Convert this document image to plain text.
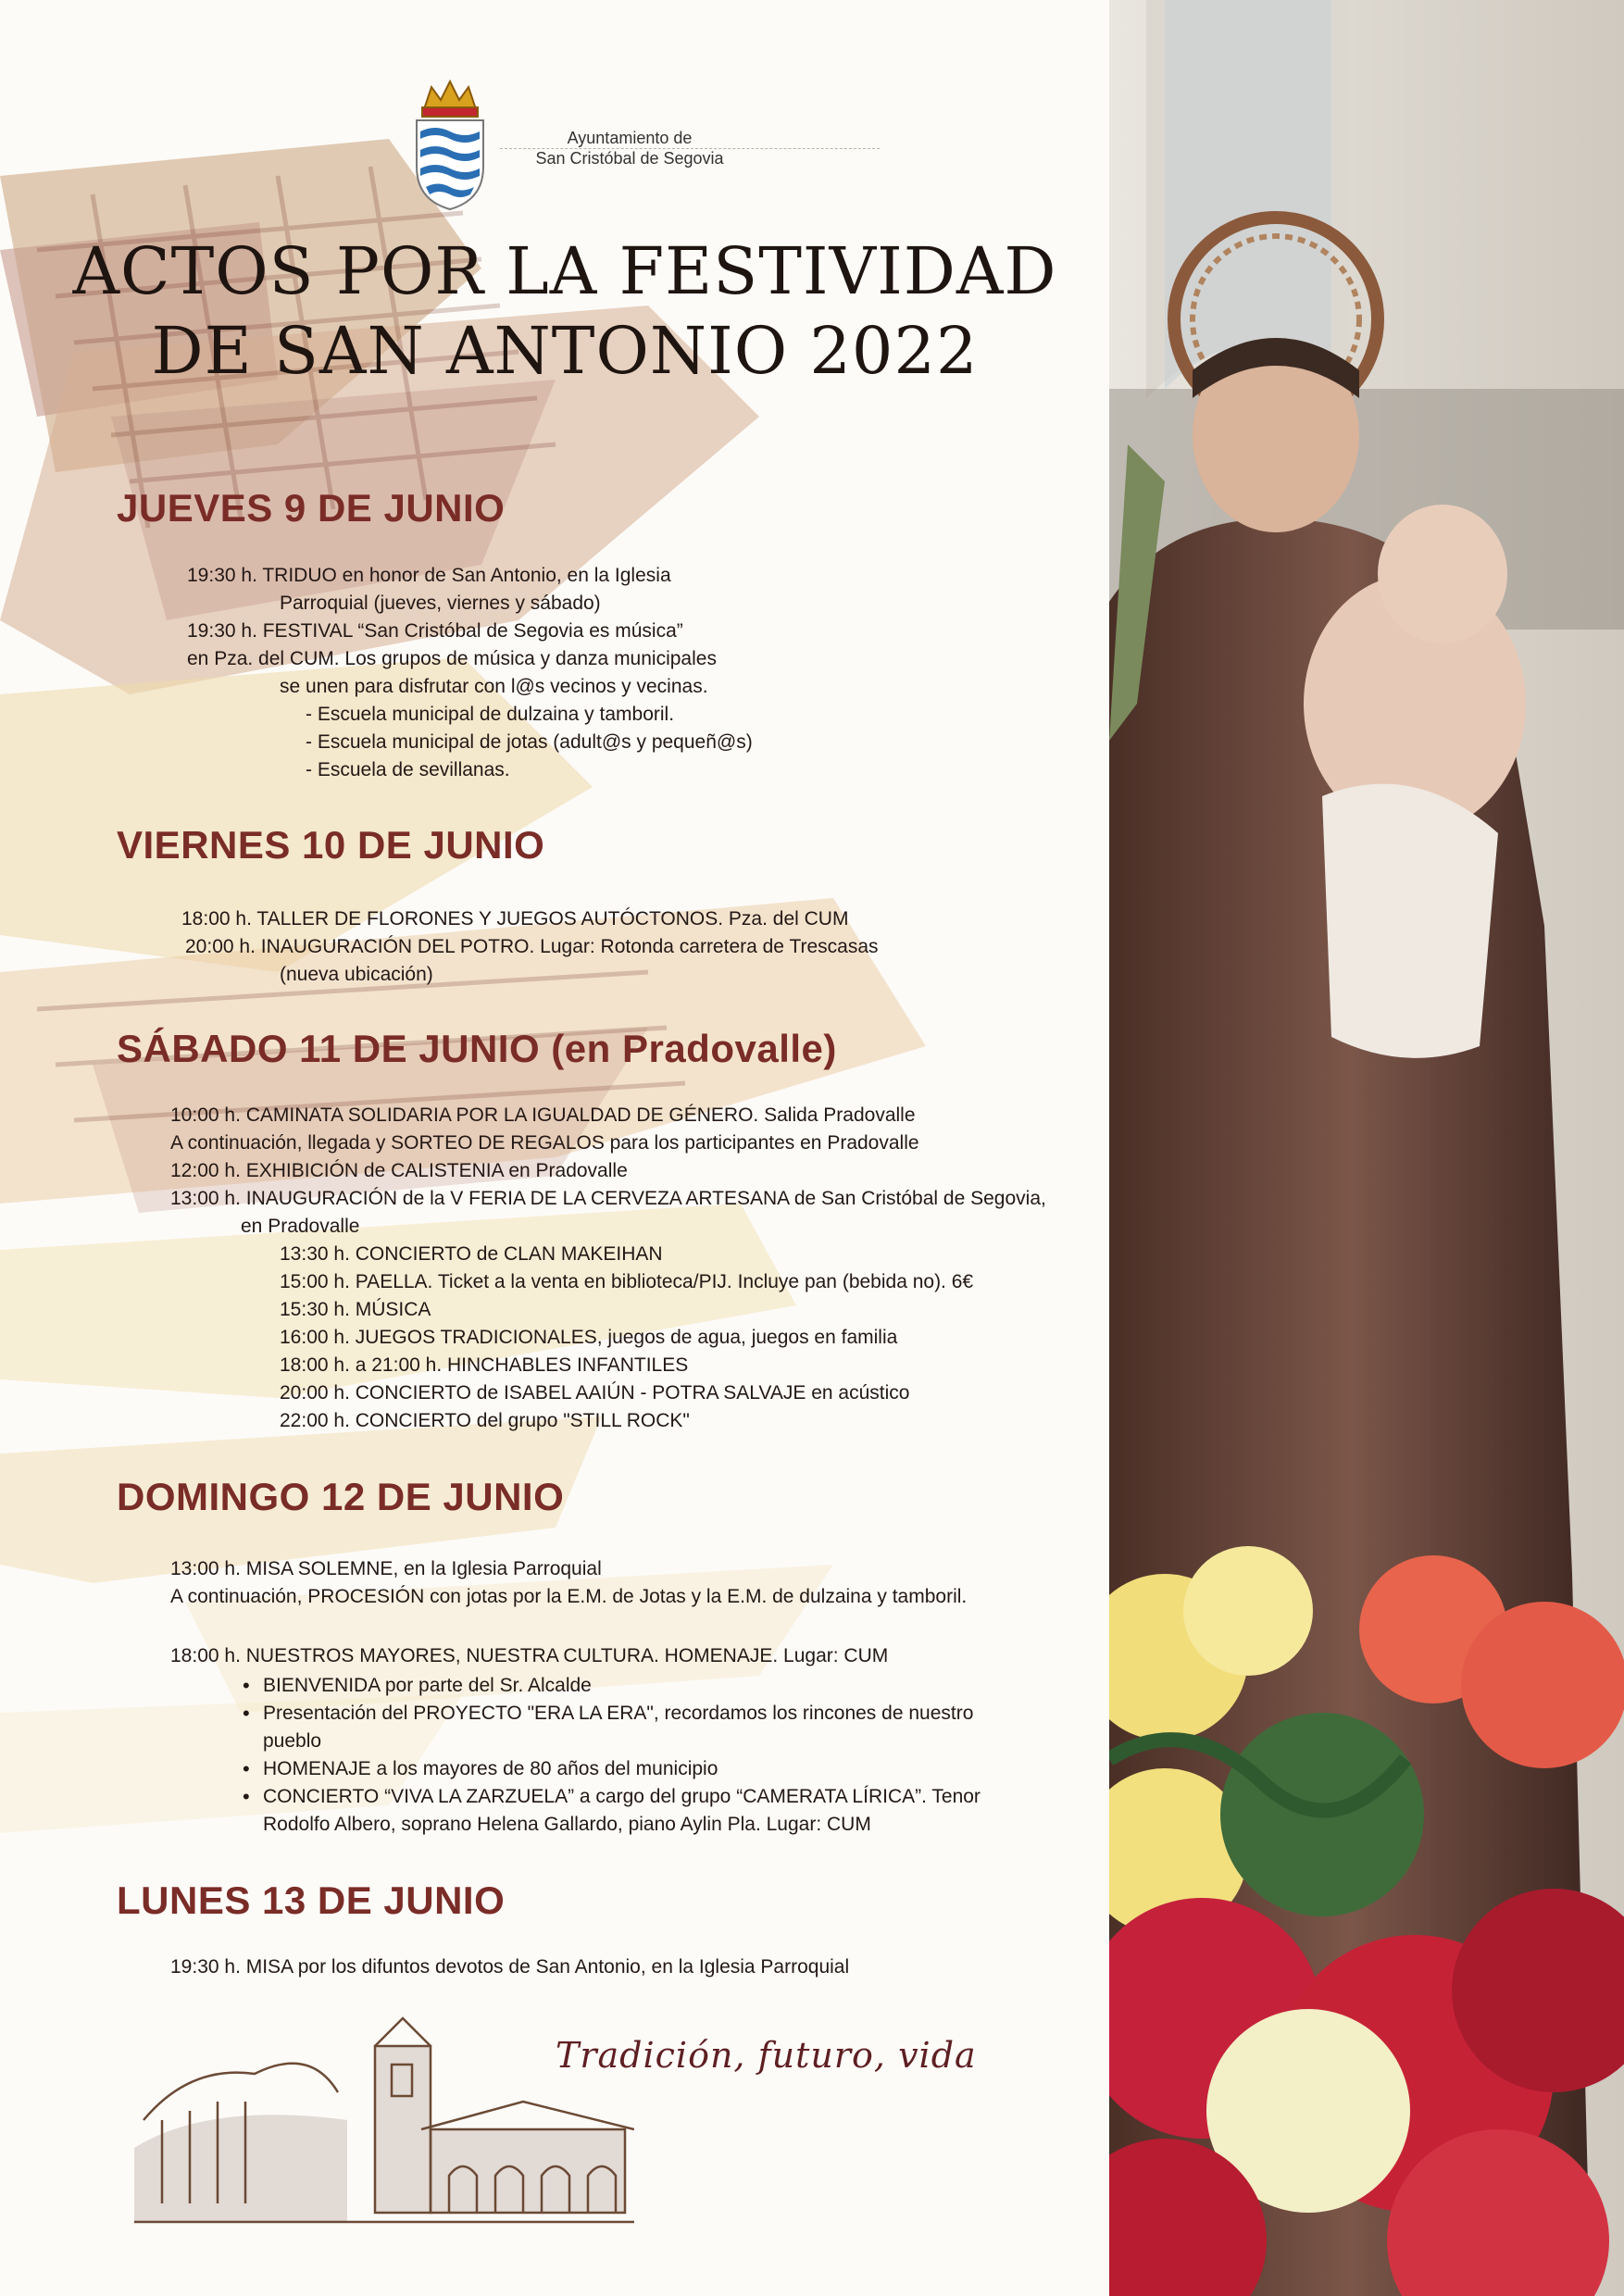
Ayuntamiento de
San Cristóbal de Segovia
ACTOS POR LA FESTIVIDAD
DE SAN ANTONIO 2022
JUEVES 9 DE JUNIO
19:30 h. TRIDUO en honor de San Antonio, en la Iglesia
Parroquial (jueves, viernes y sábado)
19:30 h. FESTIVAL “San Cristóbal de Segovia es música”
en Pza. del CUM. Los grupos de música y danza municipales
se unen para disfrutar con l@s vecinos y vecinas.
- Escuela municipal de dulzaina y tamboril.
- Escuela municipal de jotas (adult@s y pequeñ@s)
- Escuela de sevillanas.
VIERNES 10 DE JUNIO
18:00 h. TALLER DE FLORONES Y JUEGOS AUTÓCTONOS. Pza. del CUM
20:00 h. INAUGURACIÓN DEL POTRO. Lugar: Rotonda carretera de Trescasas
(nueva ubicación)
SÁBADO 11 DE JUNIO (en Pradovalle)
10:00 h. CAMINATA SOLIDARIA POR LA IGUALDAD DE GÉNERO. Salida Pradovalle
A continuación, llegada y SORTEO DE REGALOS para los participantes en Pradovalle
12:00 h. EXHIBICIÓN de CALISTENIA en Pradovalle
13:00 h. INAUGURACIÓN de la V FERIA DE LA CERVEZA ARTESANA de San Cristóbal de Segovia,
en Pradovalle
13:30 h. CONCIERTO de CLAN MAKEIHAN
15:00 h. PAELLA. Ticket a la venta en biblioteca/PIJ. Incluye pan (bebida no). 6€
15:30 h. MÚSICA
16:00 h. JUEGOS TRADICIONALES, juegos de agua, juegos en familia
18:00 h. a 21:00 h. HINCHABLES INFANTILES
20:00 h. CONCIERTO de ISABEL AAIÚN - POTRA SALVAJE en acústico
22:00 h. CONCIERTO del grupo "STILL ROCK"
DOMINGO 12 DE JUNIO
13:00 h. MISA SOLEMNE, en la Iglesia Parroquial
A continuación, PROCESIÓN con jotas por la E.M. de Jotas y la E.M. de dulzaina y tamboril.
18:00 h. NUESTROS MAYORES, NUESTRA CULTURA. HOMENAJE. Lugar: CUM
• BIENVENIDA por parte del Sr. Alcalde
• Presentación del PROYECTO "ERA LA ERA", recordamos los rincones de nuestro
pueblo
• HOMENAJE a los mayores de 80 años del municipio
• CONCIERTO “VIVA LA ZARZUELA” a cargo del grupo “CAMERATA LÍRICA”. Tenor
Rodolfo Albero, soprano Helena Gallardo, piano Aylin Pla. Lugar: CUM
LUNES 13 DE JUNIO
19:30 h. MISA por los difuntos devotos de San Antonio, en la Iglesia Parroquial
Tradición, futuro, vida
